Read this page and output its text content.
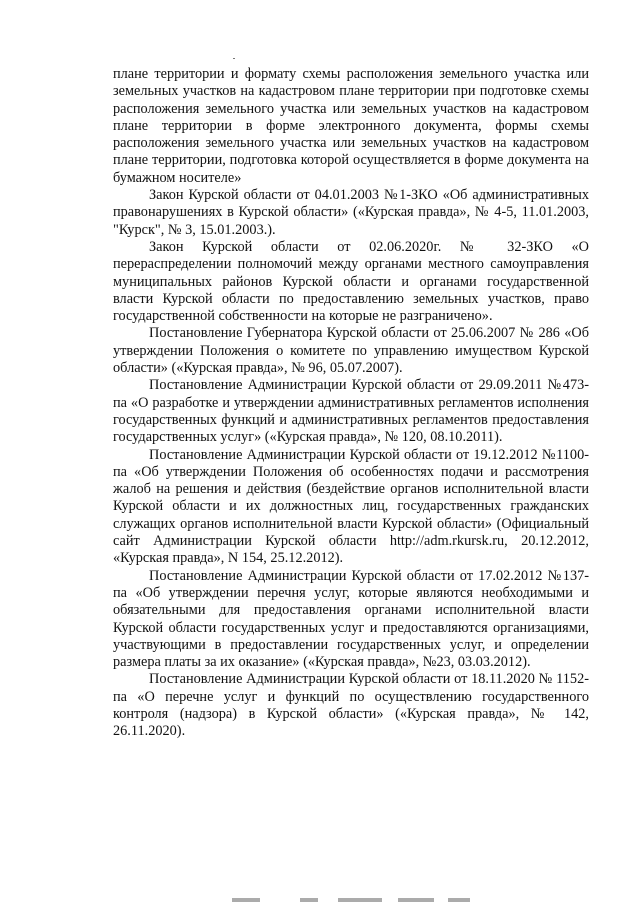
плане территории и формату схемы расположения земельного участка или земельных участков на кадастровом плане территории при подготовке схемы расположения земельного участка или земельных участков на кадастровом плане территории в форме электронного документа, формы схемы расположения земельного участка или земельных участков на кадастровом плане территории, подготовка которой осуществляется в форме документа на бумажном носителе»

Закон Курской области от 04.01.2003 №1-ЗКО «Об административных правонарушениях в Курской области» («Курская правда», № 4-5, 11.01.2003, "Курск", № 3, 15.01.2003.).

Закон Курской области от 02.06.2020г. № 32-ЗКО «О перераспределении полномочий между органами местного самоуправления муниципальных районов Курской области и органами государственной власти Курской области по предоставлению земельных участков, право государственной собственности на которые не разграничено».

Постановление Губернатора Курской области от 25.06.2007 № 286 «Об утверждении Положения о комитете по управлению имуществом Курской области» («Курская правда», № 96, 05.07.2007).

Постановление Администрации Курской области от 29.09.2011 №473-па «О разработке и утверждении административных регламентов исполнения государственных функций и административных регламентов предоставления государственных услуг» («Курская правда», № 120, 08.10.2011).

Постановление Администрации Курской области от 19.12.2012 №1100-па «Об утверждении Положения об особенностях подачи и рассмотрения жалоб на решения и действия (бездействие органов исполнительной власти Курской области и их должностных лиц, государственных гражданских служащих органов исполнительной власти Курской области» (Официальный сайт Администрации Курской области http://adm.rkursk.ru, 20.12.2012, «Курская правда», N 154, 25.12.2012).

Постановление Администрации Курской области от 17.02.2012 №137-па «Об утверждении перечня услуг, которые являются необходимыми и обязательными для предоставления органами исполнительной власти Курской области государственных услуг и предоставляются организациями, участвующими в предоставлении государственных услуг, и определении размера платы за их оказание» («Курская правда», №23, 03.03.2012).

Постановление Администрации Курской области от 18.11.2020 № 1152-па «О перечне услуг и функций по осуществлению государственного контроля (надзора) в Курской области» («Курская правда», № 142, 26.11.2020).
